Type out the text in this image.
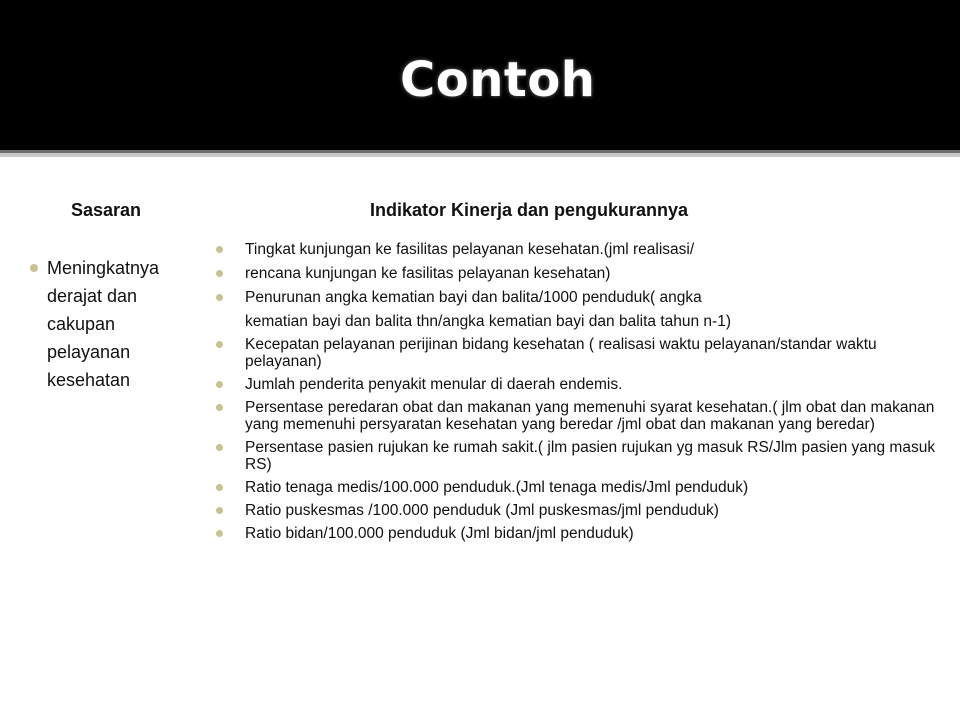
Contoh
Sasaran	Indikator Kinerja dan pengukurannya
Meningkatnya derajat dan cakupan pelayanan kesehatan
Tingkat kunjungan ke fasilitas pelayanan kesehatan.(jml realisasi/
rencana kunjungan ke fasilitas pelayanan kesehatan)
Penurunan angka kematian bayi dan balita/1000 penduduk( angka
kematian bayi dan balita thn/angka kematian bayi dan balita tahun n-1)
Kecepatan pelayanan perijinan bidang kesehatan ( realisasi waktu pelayanan/standar waktu pelayanan)
Jumlah penderita penyakit menular di daerah endemis.
Persentase peredaran obat dan makanan yang memenuhi syarat kesehatan.( jlm obat dan makanan yang memenuhi persyaratan kesehatan yang beredar /jml obat dan makanan yang beredar)
Persentase pasien rujukan ke rumah sakit.( jlm pasien rujukan yg masuk RS/Jlm pasien yang masuk RS)
Ratio tenaga medis/100.000 penduduk.(Jml tenaga medis/Jml penduduk)
Ratio puskesmas /100.000 penduduk (Jml puskesmas/jml penduduk)
Ratio bidan/100.000 penduduk (Jml bidan/jml penduduk)
